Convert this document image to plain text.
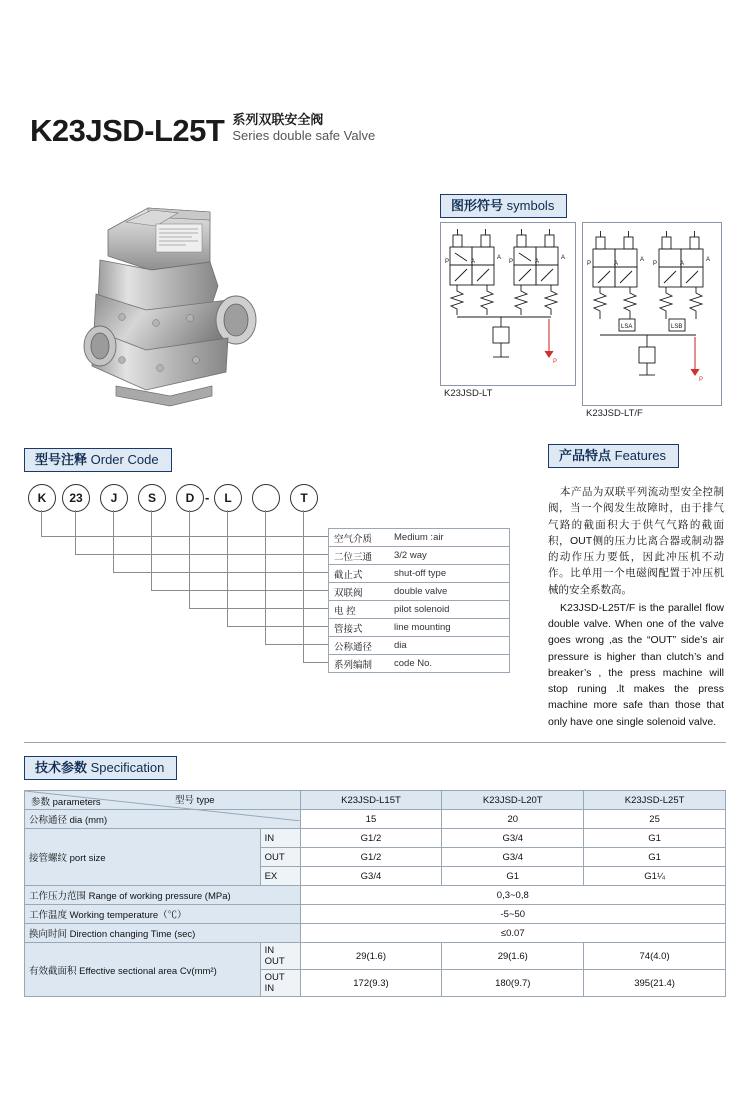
K23JSD-L25T 系列双联安全阀
Series double safe Valve
图形符号 symbols
P
A
P
A
A	A
P
K23JSD-LT
P
A
P
A
A	A
LSA	LSB
P
K23JSD-LT/F
型号注释 Order Code
K	23	J	S	D -	L	T
空气介质	Medium :air
二位三通	3/2 way
截止式	shut-off type
双联阀	double valve
电 控	pilot solenoid
管接式	line mounting
公称通径	dia
系列编制	code No.
产品特点 Features

本产品为双联平列流动型安全控制阀，当一个阀发生故障时，由于排气气路的截面积大于供气气路的截面积，OUT侧的压力比离合器或制动器的动作压力要低，因此冲压机不动作。比单用一个电磁阀配置于冲压机械的安全系数高。

K23JSD-L25T/F is the parallel flow double valve. When one of the valve goes wrong ,as the “OUT” side’s air pressure is higher than clutch’s and breaker’s , the press machine will stop runing .lt makes the press machine more safe than those that only have one single solenoid valve.

技术参数 Specification
型号 type
参数 parameters		K23JSD-L15T	K23JSD-L20T	K23JSD-L25T
公称通径 dia (mm)		15	20	25
接管螺纹 port size	IN	G1/2	G3/4	G1
	OUT	G1/2	G3/4	G1
	EX	G3/4	G1	G1¼
工作压力范围 Range of working pressure (MPa)		0,3~0,8		
工作温度 Working temperature（℃）		-5~50		
换向时间 Direction changing Time (sec)		≤0.07		
有效截面积 Effective sectional area Cv(mm²)	IN OUT	29(1.6)	29(1.6)	74(4.0)
	OUT IN	172(9.3)	180(9.7)	395(21.4)
